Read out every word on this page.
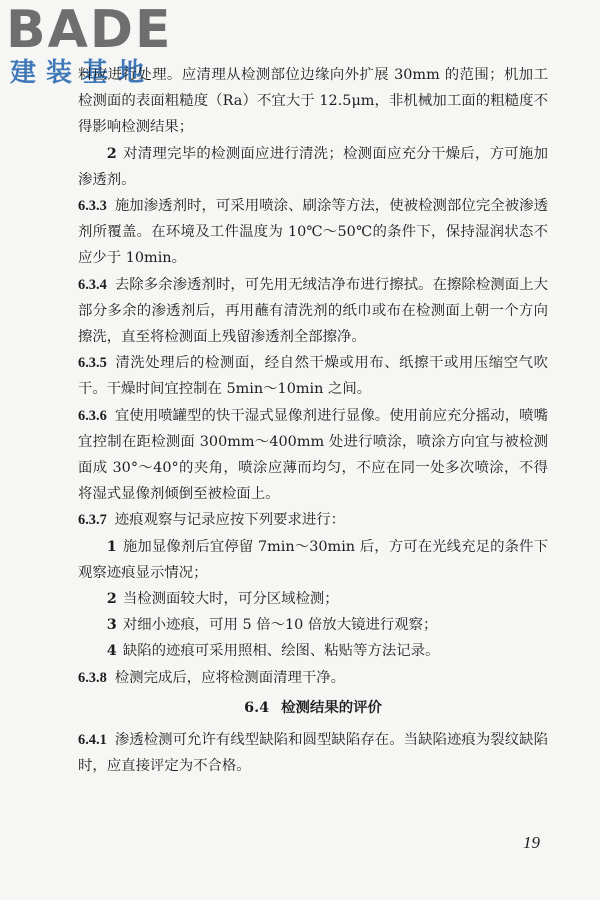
BADE
建装基地

料应进行处理。应清理从检测部位边缘向外扩展 30mm 的范围；机加工检测面的表面粗糙度（Ra）不宜大于 12.5μm，非机械加工面的粗糙度不得影响检测结果；

2 对清理完毕的检测面应进行清洗；检测面应充分干燥后，方可施加渗透剂。

6.3.3 施加渗透剂时，可采用喷涂、刷涂等方法，使被检测部位完全被渗透剂所覆盖。在环境及工件温度为 10℃～50℃的条件下，保持湿润状态不应少于 10min。

6.3.4 去除多余渗透剂时，可先用无绒洁净布进行擦拭。在擦除检测面上大部分多余的渗透剂后，再用蘸有清洗剂的纸巾或布在检测面上朝一个方向擦洗，直至将检测面上残留渗透剂全部擦净。

6.3.5 清洗处理后的检测面，经自然干燥或用布、纸擦干或用压缩空气吹干。干燥时间宜控制在 5min～10min 之间。

6.3.6 宜使用喷罐型的快干湿式显像剂进行显像。使用前应充分摇动，喷嘴宜控制在距检测面 300mm～400mm 处进行喷涂，喷涂方向宜与被检测面成 30°～40°的夹角，喷涂应薄而均匀，不应在同一处多次喷涂，不得将湿式显像剂倾倒至被检面上。

6.3.7 迹痕观察与记录应按下列要求进行：

1 施加显像剂后宜停留 7min～30min 后，方可在光线充足的条件下观察迹痕显示情况；

2 当检测面较大时，可分区域检测；

3 对细小迹痕，可用 5 倍～10 倍放大镜进行观察；

4 缺陷的迹痕可采用照相、绘图、粘贴等方法记录。

6.3.8 检测完成后，应将检测面清理干净。

6.4 检测结果的评价

6.4.1 渗透检测可允许有线型缺陷和圆型缺陷存在。当缺陷迹痕为裂纹缺陷时，应直接评定为不合格。

19
